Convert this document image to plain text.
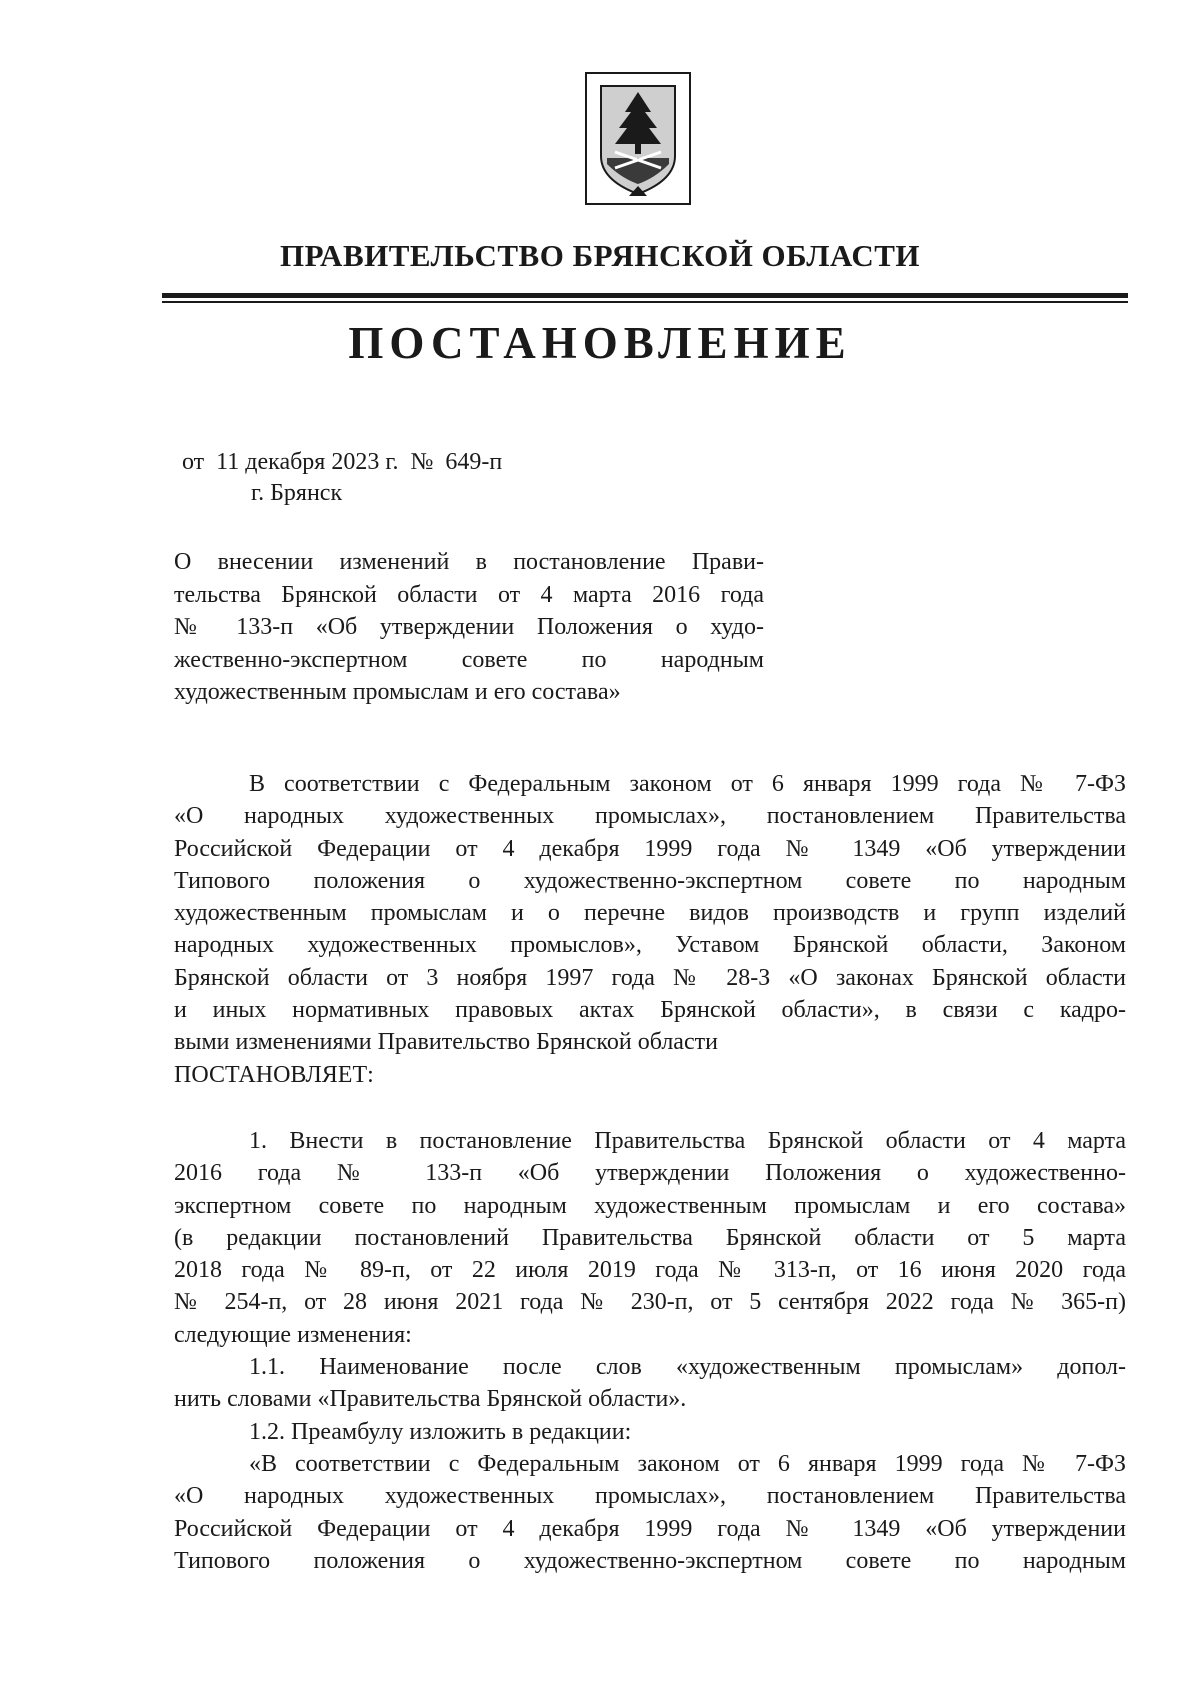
ПРАВИТЕЛЬСТВО БРЯНСКОЙ ОБЛАСТИ
ПОСТАНОВЛЕНИЕ
от  11 декабря 2023 г.  №  649-п
г. Брянск
О внесении изменений в постановление Прави-
тельства Брянской области от 4 марта 2016 года
№ 133-п «Об утверждении Положения о худо-
жественно-экспертном совете по народным
художественным промыслам и его состава»
В соответствии с Федеральным законом от 6 января 1999 года № 7-ФЗ
«О народных художественных промыслах», постановлением Правительства
Российской Федерации от 4 декабря 1999 года № 1349 «Об утверждении
Типового положения о художественно-экспертном совете по народным
художественным промыслам и о перечне видов производств и групп изделий
народных художественных промыслов», Уставом Брянской области, Законом
Брянской области от 3 ноября 1997 года № 28-З «О законах Брянской области
и иных нормативных правовых актах Брянской области», в связи с кадро-
выми изменениями Правительство Брянской области
ПОСТАНОВЛЯЕТ:
1. Внести в постановление Правительства Брянской области от 4 марта
2016 года № 133-п «Об утверждении Положения о художественно-
экспертном совете по народным художественным промыслам и его состава»
(в редакции постановлений Правительства Брянской области от 5 марта
2018 года № 89-п, от 22 июля 2019 года № 313-п, от 16 июня 2020 года
№ 254-п, от 28 июня 2021 года № 230-п, от 5 сентября 2022 года № 365-п)
следующие изменения:
1.1. Наименование после слов «художественным промыслам» допол-
нить словами «Правительства Брянской области».
1.2. Преамбулу изложить в редакции:
«В соответствии с Федеральным законом от 6 января 1999 года № 7-ФЗ
«О народных художественных промыслах», постановлением Правительства
Российской Федерации от 4 декабря 1999 года № 1349 «Об утверждении
Типового положения о художественно-экспертном совете по народным
